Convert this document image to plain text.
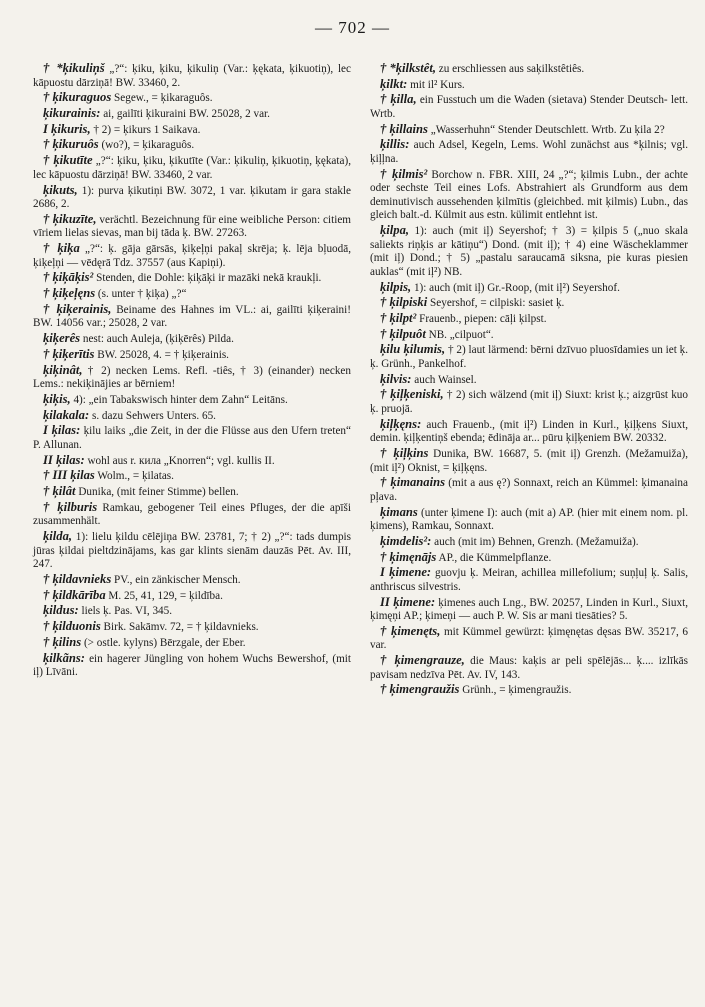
— 702 —

† *ķikuliņš „?“: ķiku, ķiku, ķikuliņ (Var.: ķękata, ķikuotiņ), lec kāpuostu dārziņā! BW. 33460, 2.

† ķikuraguos Segew., = ķikaraguôs.

ķikurainis: ai, gailīti ķikuraini BW. 25028, 2 var.

I ķikuris, † 2) = ķikurs 1 Saikava.

† ķikuruôs (wo?), = ķikaraguôs.

† ķikutīte „?“: ķiku, ķiku, ķikutīte (Var.: ķikuliņ, ķikuotiņ, ķękata), lec kāpuostu dārziņā! BW. 33460, 2 var.

ķikuts, 1): purva ķikutiņi BW. 3072, 1 var. ķikutam ir gara stakle 2686, 2.

† ķikuzīte, verächtl. Bezeichnung für eine weibliche Person: citiem vīriem lielas sievas, man bij tāda ķ. BW. 27263.

† ķiķa „?“: ķ. gāja gārsās, ķiķeļņi pakaļ skrēja; ķ. lēja bļuodā, ķiķeļņi — vēdęrā Tdz. 37557 (aus Kapiņi).

† ķiķāķis² Stenden, die Dohle: ķiķāķi ir mazāki nekā kraukļi.

† ķiķeļęns (s. unter † ķiķa) „?“

† ķiķerainis, Beiname des Hahnes im VL.: ai, gailīti ķiķeraini! BW. 14056 var.; 25028, 2 var.

ķiķerês nest: auch Auleja, (ķiķērês) Pilda.

† ķiķerītis BW. 25028, 4. = † ķiķerainis.

ķiķinât, † 2) necken Lems. Refl. -tiês, † 3) (einander) necken Lems.: nekiķinājies ar bērniem!

ķiķis, 4): „ein Tabakswisch hinter dem Zahn“ Leitāns.

ķilakala: s. dazu Sehwers Unters. 65.

I ķilas: ķilu laiks „die Zeit, in der die Flüsse aus den Ufern treten“ P. Allunan.

II ķilas: wohl aus r. кила „Knorren“; vgl. kullis II.

† III ķilas Wolm., = ķilatas.

† ķilât Dunika, (mit feiner Stimme) bellen.

† ķilburis Ramkau, gebogener Teil eines Pfluges, der die apīši zusammenhält.

ķilda, 1): lielu ķildu cēlējiņa BW. 23781, 7; † 2) „?“: tads dumpis jūras ķildai pieltdzinājams, kas gar klints sienām dauzās Pēt. Av. III, 247.

† ķildavnieks PV., ein zänkischer Mensch.

† ķildkārība M. 25, 41, 129, = ķildība.

ķildus: liels ķ. Pas. VI, 345.

† ķilduonis Birk. Sakāmv. 72, = † ķildavnieks.

† ķilins (> ostle. kylyns) Bērzgale, der Eber.

ķilkãns: ein hagerer Jüngling von hohem Wuchs Bewershof, (mit iļ) Līvāni.

† *ķilkstêt, zu erschliessen aus saķilkstêtiês.

ķilkt: mit il² Kurs.

† ķilla, ein Fusstuch um die Waden (sietava) Stender Deutsch- lett. Wrtb.

† ķillains „Wasserhuhn“ Stender Deutschlett. Wrtb. Zu ķila 2?

ķillis: auch Adsel, Kegeln, Lems. Wohl zunächst aus *ķilnis; vgl. ķiļļna.

† ķilmis² Borchow n. FBR. XIII, 24 „?“; ķilmis Lubn., der achte oder sechste Teil eines Lofs. Abstrahiert als Grundform aus dem deminutivisch aussehenden ķilmītis (gleichbed. mit ķilmis) Lubn., das gleich balt.-d. Külmit aus estn. külimit entlehnt ist.

ķilpa, 1): auch (mit iļ) Seyershof; † 3) = ķilpis 5 („nuo skala saliekts riņķis ar kātiņu“) Dond. (mit iļ); † 4) eine Wäscheklammer (mit iļ) Dond.; † 5) „pastalu saraucamā siksna, pie kuras piesien auklas“ (mit iļ²) NB.

ķilpis, 1): auch (mit iļ) Gr.-Roop, (mit iļ²) Seyershof.

† ķilpiski Seyershof, = cilpiski: sasiet ķ.

† ķilpt² Frauenb., piepen: cāļi ķilpst.

† ķilpuôt NB. „cilpuot“.

ķilu ķilumis, † 2) laut lärmend: bērni dzīvuo pluosīdamies un iet ķ. ķ. Grünh., Pankelhof.

ķilvis: auch Wainsel.

† ķiļķeniski, † 2) sich wälzend (mit iļ) Siuxt: krist ķ.; aizgrūst kuo ķ. pruojā.

ķiļķęns: auch Frauenb., (mit iļ²) Linden in Kurl., ķiļķens Siuxt, demin. ķiļķentiņš ebenda; ēdināja ar... pūru ķiļķeniem BW. 20332.

† ķiļķins Dunika, BW. 16687, 5. (mit iļ) Grenzh. (Mežamuiža), (mit iļ²) Oknist, = ķiļķęns.

† ķimanains (mit a aus ę?) Sonnaxt, reich an Kümmel: ķimanaina pļava.

ķimans (unter ķimene I): auch (mit a) AP. (hier mit einem nom. pl. ķimens), Ramkau, Sonnaxt.

ķimdelis²: auch (mit im) Behnen, Grenzh. (Mežamuiža).

† ķimęnājs AP., die Kümmelpflanze.

I ķimene: guovju ķ. Meiran, achillea millefolium; suņļuļ ķ. Salis, anthriscus silvestris.

II ķimene: ķimenes auch Lng., BW. 20257, Linden in Kurl., Siuxt, ķimęņi AP.; ķimeņi — auch P. W. Sis ar mani tiesāties? 5.

† ķimenęts, mit Kümmel gewürzt: ķimęnętas dęsas BW. 35217, 6 var.

† ķimengrauze, die Maus: kaķis ar peli spēlējās... ķ.... izlīkās pavisam nedzīva Pēt. Av. IV, 143.

† ķimengraužis Grünh., = ķimengraužis.
